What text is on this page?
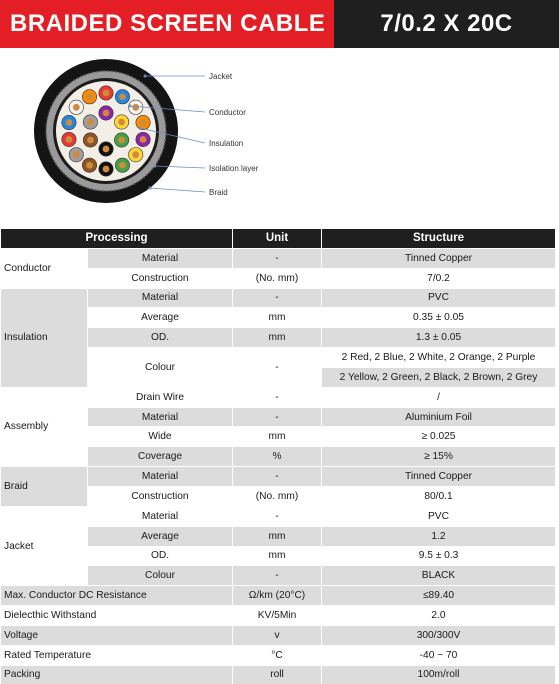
BRAIDED SCREEN CABLE	7/0.2 X 20C
Jacket
Conductor
Insulation
Isolation layer
Braid
Processing		Unit	Structure
Conductor	Material	-	Tinned Copper
	Construction	(No. mm)	7/0.2
Insulation	Material	-	PVC
	Average	mm	0.35 ± 0.05
	OD.	mm	1.3 ± 0.05
	Colour	-	2 Red, 2 Blue, 2 White, 2 Orange, 2 Purple
			2 Yellow, 2 Green, 2 Black, 2 Brown, 2 Grey
Assembly	Drain Wire	-	/
	Material	-	Aluminium Foil
	Wide	mm	≥ 0.025
	Coverage	%	≥ 15%
Braid	Material	-	Tinned Copper
	Construction	(No. mm)	80/0.1
Jacket	Material	-	PVC
	Average	mm	1.2
	OD.	mm	9.5 ± 0.3
	Colour	-	BLACK
Max. Conductor DC Resistance		Ω/km (20°C)	≤89.40
Dielecthic Withstand		KV/5Min	2.0
Voltage		v	300/300V
Rated Temperature		°C	-40 ~ 70
Packing		roll	100m/roll
